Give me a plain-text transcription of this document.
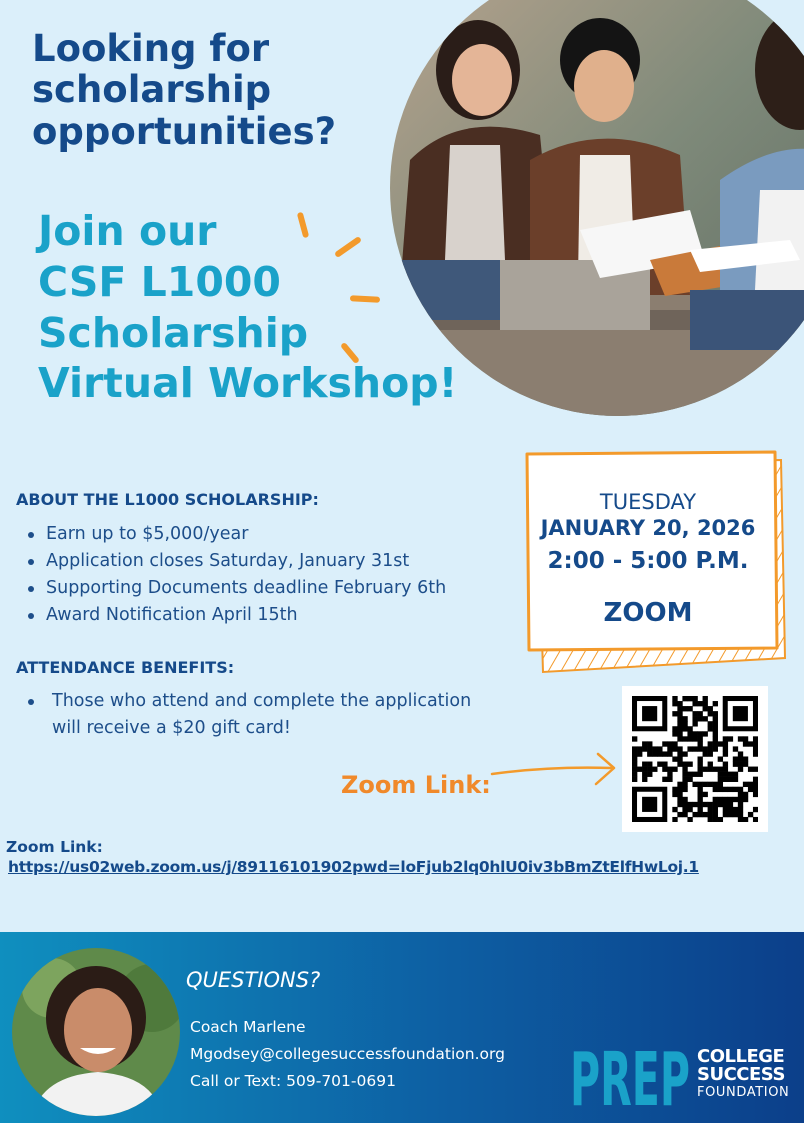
Looking for
scholarship
opportunities?
Join our
CSF L1000
Scholarship
Virtual Workshop!
ABOUT THE L1000 SCHOLARSHIP:
Earn up to $5,000/year
Application closes Saturday, January 31st
Supporting Documents deadline February 6th
Award Notification April 15th
ATTENDANCE BENEFITS:
Those who attend and complete the application will receive a $20 gift card!
TUESDAY
JANUARY 20, 2026
2:00 - 5:00 P.M.
ZOOM

Zoom Link:

Zoom Link:

https://us02web.zoom.us/j/89116101902pwd=loFjub2lq0hlU0iv3bBmZtElfHwLoj.1

QUESTIONS?

Coach Marlene
Mgodsey@collegesuccessfoundation.org
Call or Text: 509-701-0691 PREP COLLEGE
SUCCESS
FOUNDATION
